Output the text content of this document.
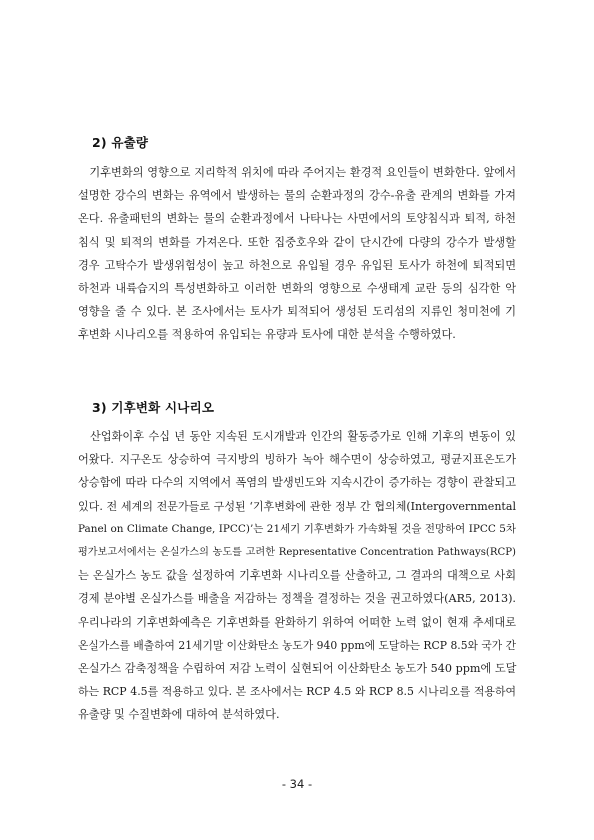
2) 유출량
　기후변화의 영향으로 지리학적 위치에 따라 주어지는 환경적 요인들이 변화한다. 앞에서
설명한 강수의 변화는 유역에서 발생하는 물의 순환과정의 강수-유출 관계의 변화를 가져
온다. 유출패턴의 변화는 물의 순환과정에서 나타나는 사면에서의 토양침식과 퇴적, 하천
침식 및 퇴적의 변화를 가져온다. 또한 집중호우와 같이 단시간에 다량의 강수가 발생할
경우 고탁수가 발생위험성이 높고 하천으로 유입될 경우 유입된 토사가 하천에 퇴적되면
하천과 내륙습지의 특성변화하고 이러한 변화의 영향으로 수생태계 교란 등의 심각한 악
영향을 줄 수 있다. 본 조사에서는 토사가 퇴적되어 생성된 도리섬의 지류인 청미천에 기
후변화 시나리오를 적용하여 유입되는 유량과 토사에 대한 분석을 수행하였다.
3) 기후변화 시나리오
　산업화이후 수십 년 동안 지속된 도시개발과 인간의 활동증가로 인해 기후의 변동이 있
어왔다. 지구온도 상승하여 극지방의 빙하가 녹아 해수면이 상승하였고, 평균지표온도가
상승함에 따라 다수의 지역에서 폭염의 발생빈도와 지속시간이 증가하는 경향이 관찰되고
있다. 전 세계의 전문가들로 구성된 ‘기후변화에 관한 정부 간 협의체(Intergovernmental
Panel on Climate Change, IPCC)’는 21세기 기후변화가 가속화될 것을 전망하여 IPCC 5차
평가보고서에서는 온실가스의 농도를 고려한 Representative Concentration Pathways(RCP)
는 온실가스 농도 값을 설정하여 기후변화 시나리오를 산출하고, 그 결과의 대책으로 사회
경제 분야별 온실가스를 배출을 저감하는 정책을 결정하는 것을 권고하였다(AR5, 2013).
우리나라의 기후변화예측은 기후변화를 완화하기 위하여 어떠한 노력 없이 현재 추세대로
온실가스를 배출하여 21세기말 이산화탄소 농도가 940 ppm에 도달하는 RCP 8.5와 국가 간
온실가스 감축정책을 수립하여 저감 노력이 실현되어 이산화탄소 농도가 540 ppm에 도달
하는 RCP 4.5를 적용하고 있다. 본 조사에서는 RCP 4.5 와 RCP 8.5 시나리오를 적용하여
유출량 및 수질변화에 대하여 분석하였다.
- 34 -
